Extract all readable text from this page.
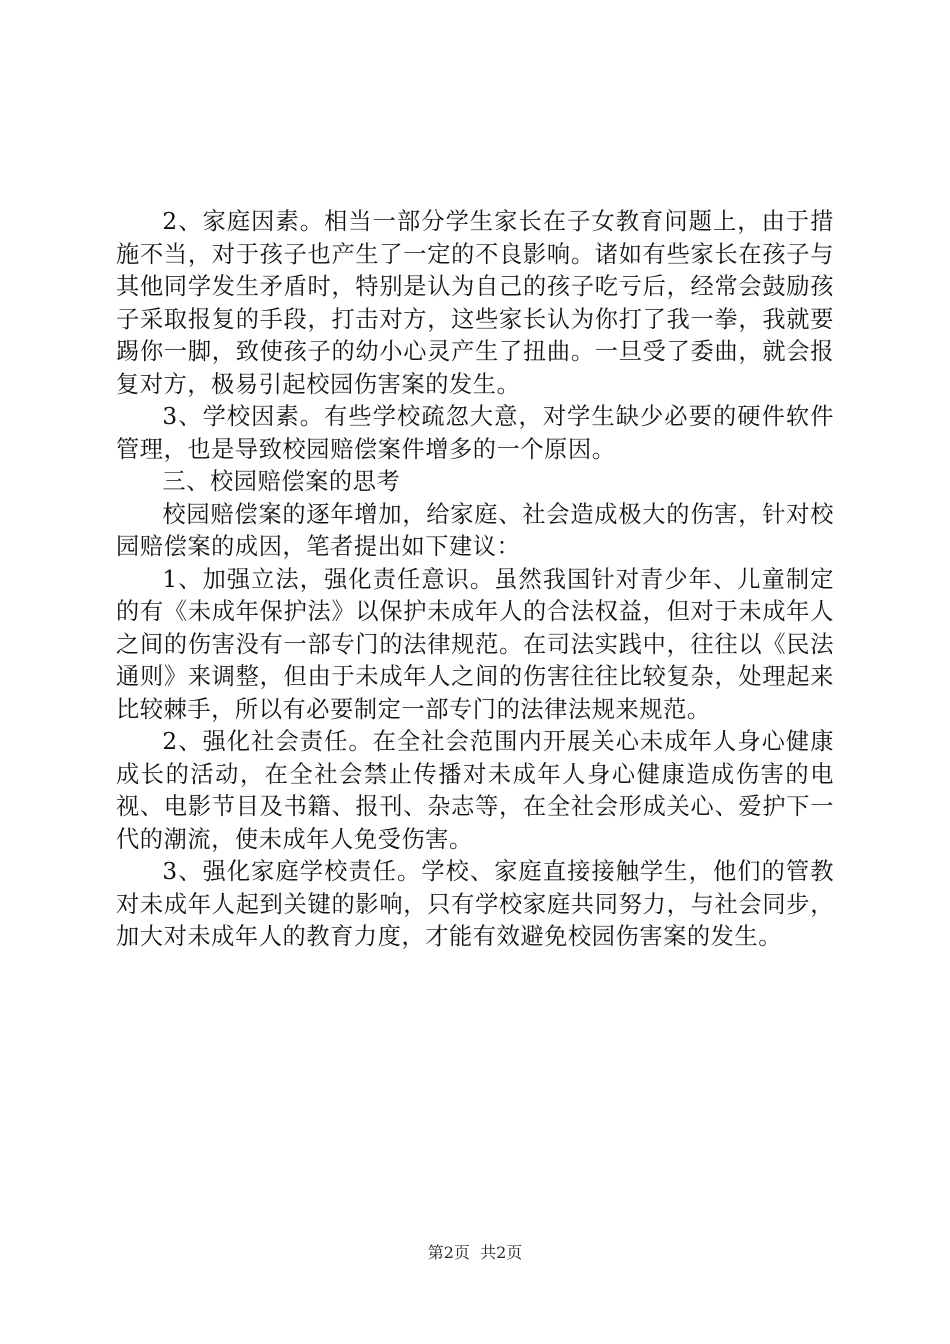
2、家庭因素。相当一部分学生家长在子女教育问题上，由于措施不当，对于孩子也产生了一定的不良影响。诸如有些家长在孩子与其他同学发生矛盾时，特别是认为自己的孩子吃亏后，经常会鼓励孩子采取报复的手段，打击对方，这些家长认为你打了我一拳，我就要踢你一脚，致使孩子的幼小心灵产生了扭曲。一旦受了委曲，就会报复对方，极易引起校园伤害案的发生。

3、学校因素。有些学校疏忽大意，对学生缺少必要的硬件软件管理，也是导致校园赔偿案件增多的一个原因。

三、校园赔偿案的思考

校园赔偿案的逐年增加，给家庭、社会造成极大的伤害，针对校园赔偿案的成因，笔者提出如下建议：

1、加强立法，强化责任意识。虽然我国针对青少年、儿童制定的有《未成年保护法》以保护未成年人的合法权益，但对于未成年人之间的伤害没有一部专门的法律规范。在司法实践中，往往以《民法通则》来调整，但由于未成年人之间的伤害往往比较复杂，处理起来比较棘手，所以有必要制定一部专门的法律法规来规范。

2、强化社会责任。在全社会范围内开展关心未成年人身心健康成长的活动，在全社会禁止传播对未成年人身心健康造成伤害的电视、电影节目及书籍、报刊、杂志等，在全社会形成关心、爱护下一代的潮流，使未成年人免受伤害。

3、强化家庭学校责任。学校、家庭直接接触学生，他们的管教对未成年人起到关键的影响，只有学校家庭共同努力，与社会同步，加大对未成年人的教育力度，才能有效避免校园伤害案的发生。

第2页  共2页
